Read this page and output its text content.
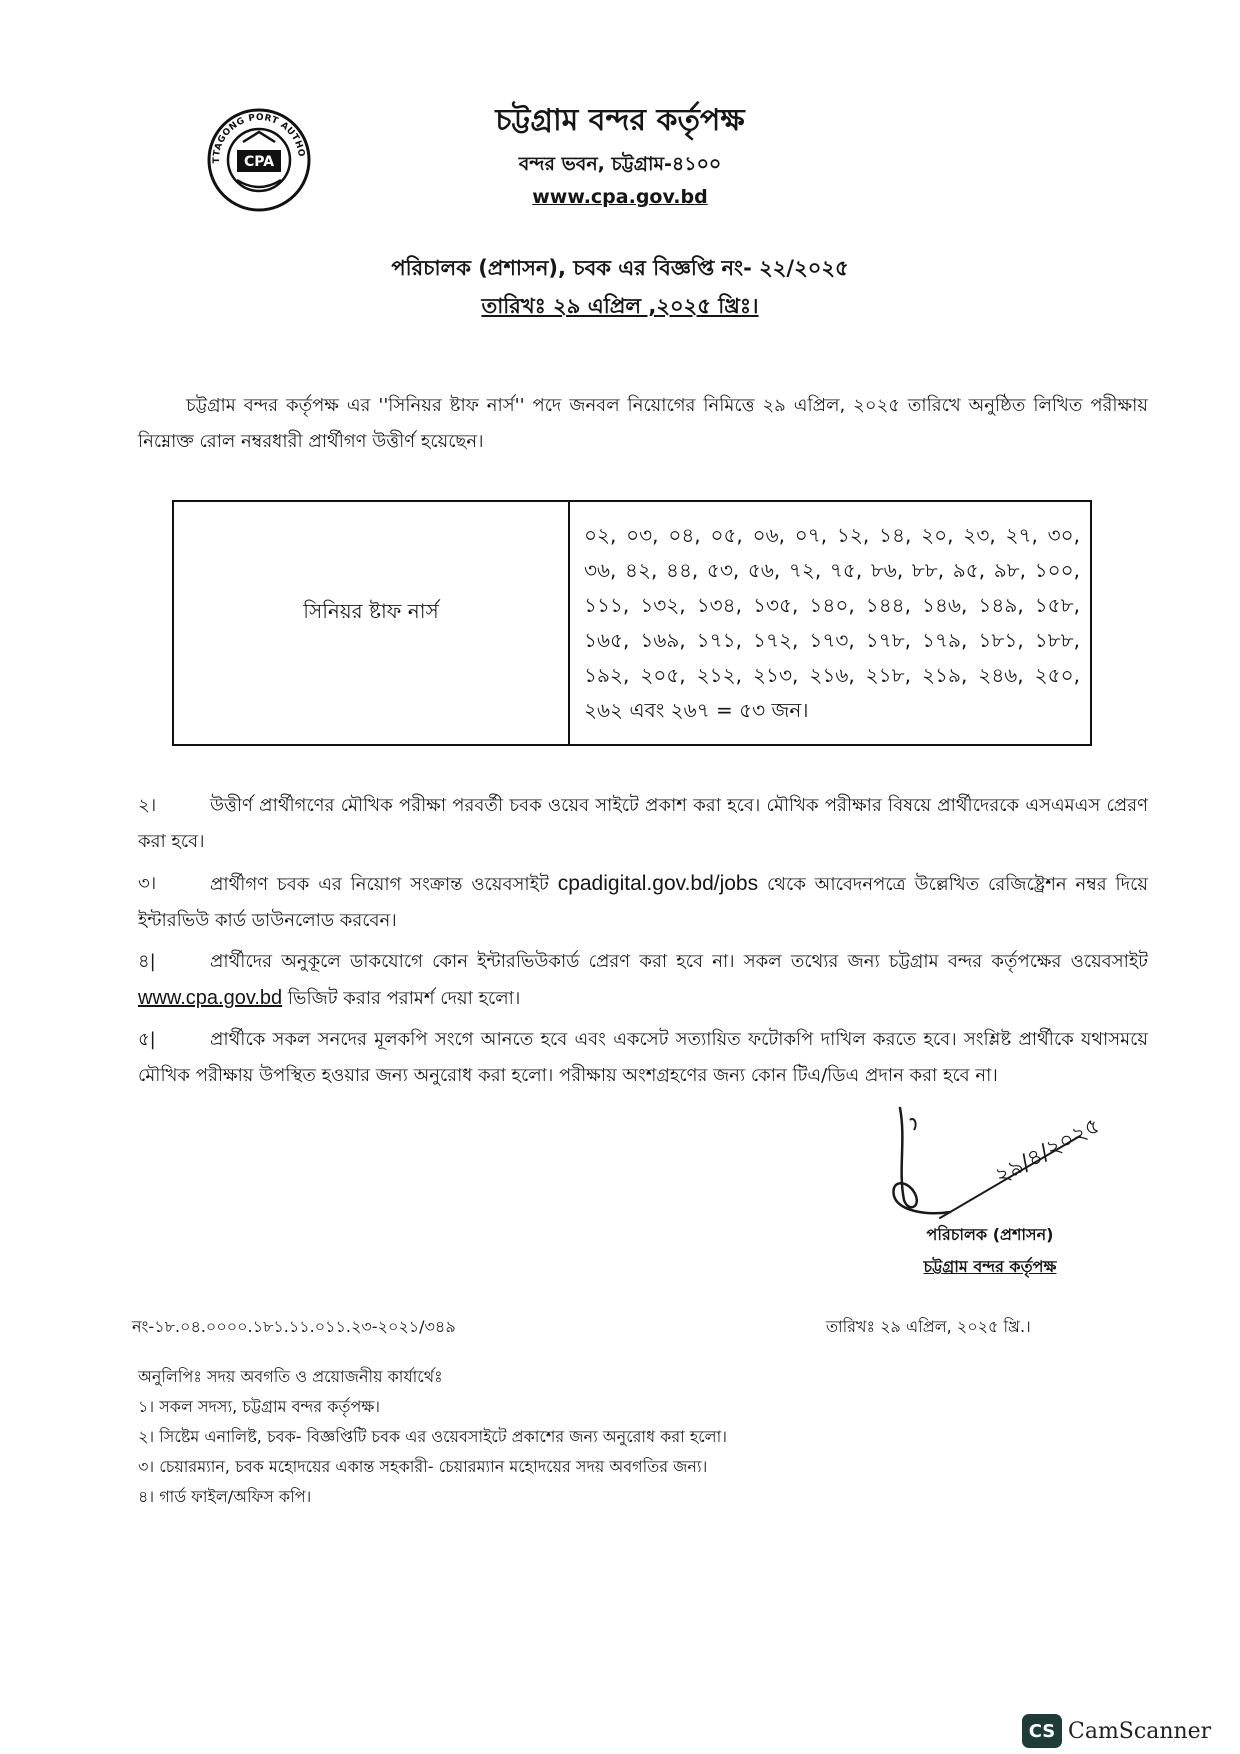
TTAGONG PORT AUTHO
CPA
চট্টগ্রাম বন্দর কর্তৃপক্ষ
বন্দর ভবন, চট্টগ্রাম-৪১০০
www.cpa.gov.bd
পরিচালক (প্রশাসন), চবক এর বিজ্ঞপ্তি নং- ২২/২০২৫
তারিখঃ ২৯ এপ্রিল ,২০২৫ খ্রিঃ।
চট্টগ্রাম বন্দর কর্তৃপক্ষ এর ''সিনিয়র ষ্টাফ নার্স'' পদে জনবল নিয়োগের নিমিত্তে ২৯ এপ্রিল, ২০২৫ তারিখে অনুষ্ঠিত লিখিত পরীক্ষায় নিম্নোক্ত রোল নম্বরধারী প্রার্থীগণ উত্তীর্ণ হয়েছেন।
সিনিয়র ষ্টাফ নার্স	০২, ০৩, ০৪, ০৫, ০৬, ০৭, ১২, ১৪, ২০, ২৩, ২৭, ৩০, ৩৬, ৪২, ৪৪, ৫৩, ৫৬, ৭২, ৭৫, ৮৬, ৮৮, ৯৫, ৯৮, ১০০, ১১১, ১৩২, ১৩৪, ১৩৫, ১৪০, ১৪৪, ১৪৬, ১৪৯, ১৫৮, ১৬৫, ১৬৯, ১৭১, ১৭২, ১৭৩, ১৭৮, ১৭৯, ১৮১, ১৮৮, ১৯২, ২০৫, ২১২, ২১৩, ২১৬, ২১৮, ২১৯, ২৪৬, ২৫০, ২৬২ এবং ২৬৭ = ৫৩ জন।
২।	উত্তীর্ণ প্রার্থীগণের মৌখিক পরীক্ষা পরবর্তী চবক ওয়েব সাইটে প্রকাশ করা হবে। মৌখিক পরীক্ষার বিষয়ে প্রার্থীদেরকে এসএমএস প্রেরণ করা হবে।
৩।	প্রার্থীগণ চবক এর নিয়োগ সংক্রান্ত ওয়েবসাইট cpadigital.gov.bd/jobs থেকে আবেদনপত্রে উল্লেখিত রেজিষ্ট্রেশন নম্বর দিয়ে ইন্টারভিউ কার্ড ডাউনলোড করবেন।
৪|	প্রার্থীদের অনুকূলে ডাকযোগে কোন ইন্টারভিউকার্ড প্রেরণ করা হবে না। সকল তথ্যের জন্য চট্টগ্রাম বন্দর কর্তৃপক্ষের ওয়েবসাইট www.cpa.gov.bd ভিজিট করার পরামর্শ দেয়া হলো।
৫|	প্রার্থীকে সকল সনদের মূলকপি সংগে আনতে হবে এবং একসেট সত্যায়িত ফটোকপি দাখিল করতে হবে। সংশ্লিষ্ট প্রার্থীকে যথাসময়ে মৌখিক পরীক্ষায় উপস্থিত হওয়ার জন্য অনুরোধ করা হলো। পরীক্ষায় অংশগ্রহণের জন্য কোন টিএ/ডিএ প্রদান করা হবে না।
২৯/৪/২০২৫
পরিচালক (প্রশাসন)
চট্টগ্রাম বন্দর কর্তৃপক্ষ
নং-১৮.০৪.০০০০.১৮১.১১.০১১.২৩-২০২১/৩৪৯	তারিখঃ ২৯ এপ্রিল, ২০২৫ খ্রি.।
অনুলিপিঃ সদয় অবগতি ও প্রয়োজনীয় কার্যার্থেঃ
১। সকল সদস্য, চট্টগ্রাম বন্দর কর্তৃপক্ষ।
২। সিষ্টেম এনালিষ্ট, চবক- বিজ্ঞপ্তিটি চবক এর ওয়েবসাইটে প্রকাশের জন্য অনুরোধ করা হলো।
৩। চেয়ারম্যান, চবক মহোদয়ের একান্ত সহকারী- চেয়ারম্যান মহোদয়ের সদয় অবগতির জন্য।
৪। গার্ড ফাইল/অফিস কপি।
CS CamScanner
